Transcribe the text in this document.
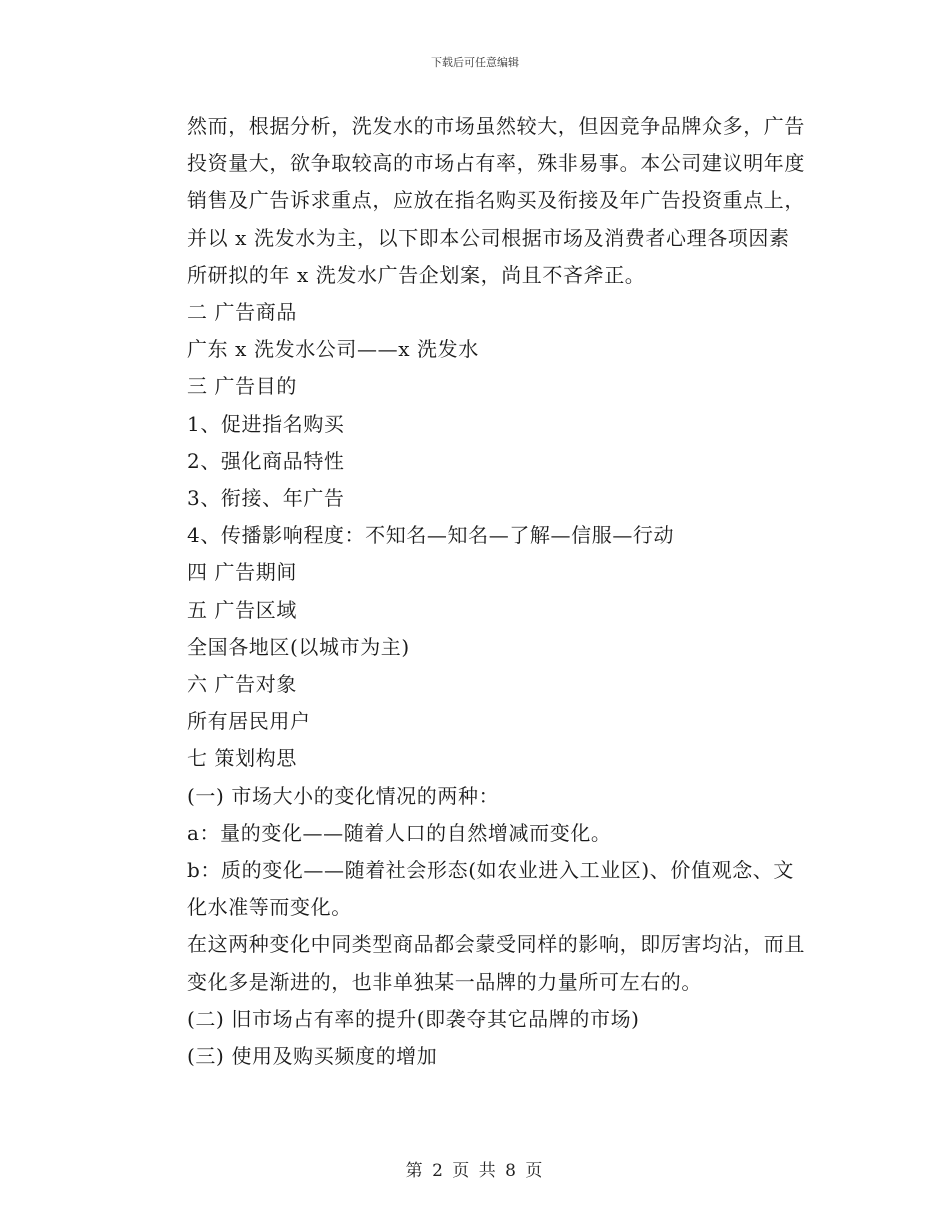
下载后可任意编辑

然而，根据分析，洗发水的市场虽然较大，但因竞争品牌众多，广告投资量大，欲争取较高的市场占有率，殊非易事。本公司建议明年度销售及广告诉求重点，应放在指名购买及衔接及年广告投资重点上，并以 x 洗发水为主，以下即本公司根据市场及消费者心理各项因素所研拟的年 x 洗发水广告企划案，尚且不吝斧正。

二 广告商品

广东 x 洗发水公司——x 洗发水

三 广告目的

1、促进指名购买

2、强化商品特性

3、衔接、年广告

4、传播影响程度：不知名—知名—了解—信服—行动

四 广告期间

五 广告区域

全国各地区(以城市为主)

六 广告对象

所有居民用户

七 策划构思

(一) 市场大小的变化情况的两种：

a：量的变化——随着人口的自然增减而变化。

b：质的变化——随着社会形态(如农业进入工业区)、价值观念、文化水准等而变化。

在这两种变化中同类型商品都会蒙受同样的影响，即厉害均沾，而且变化多是渐进的，也非单独某一品牌的力量所可左右的。

(二) 旧市场占有率的提升(即袭夺其它品牌的市场)

(三) 使用及购买频度的增加

第 2 页 共 8 页
